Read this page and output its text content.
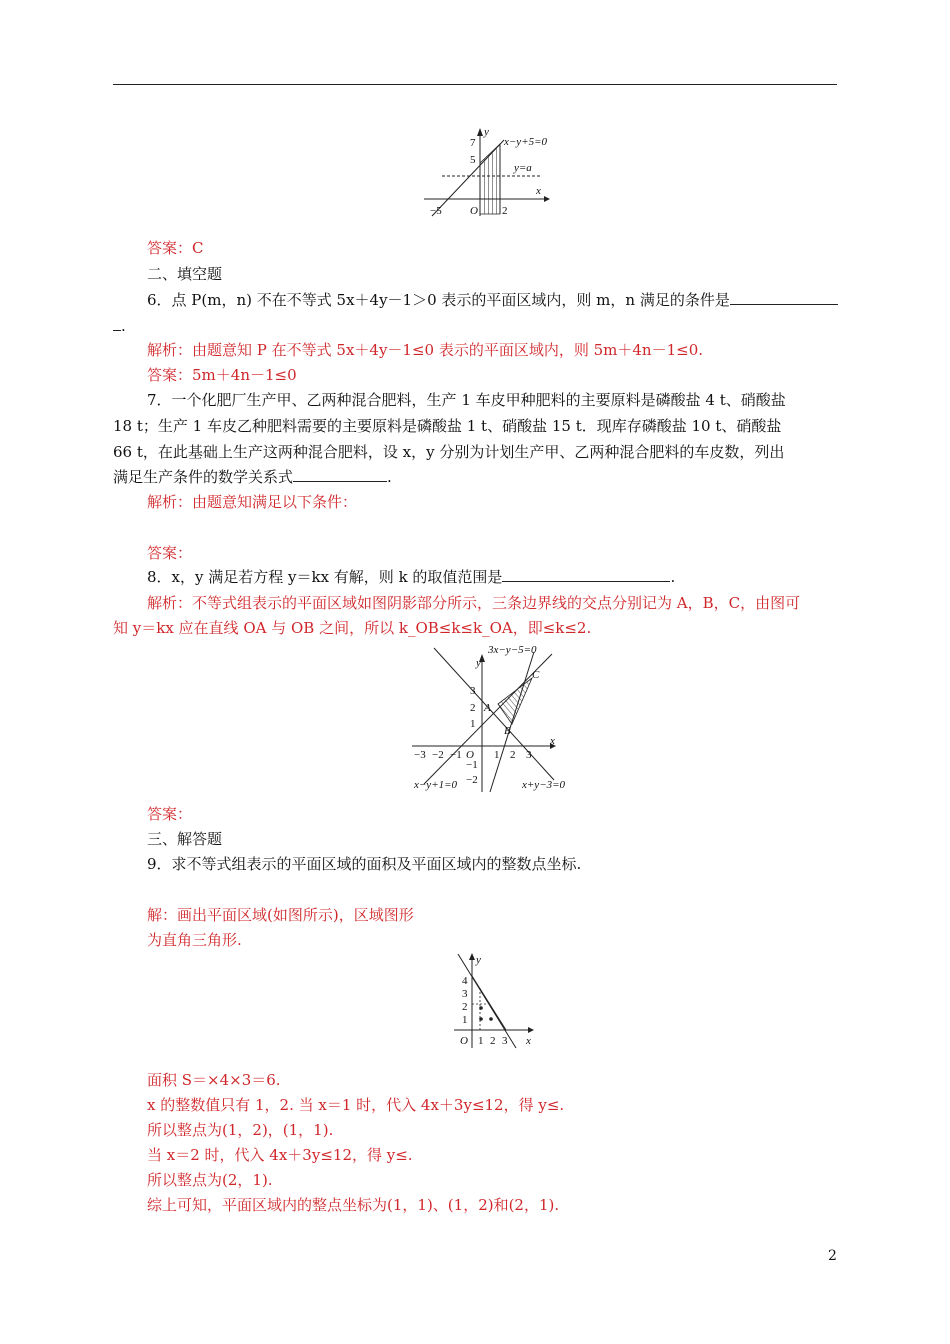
y
x
7
5
−5	O 2
x−y+5=0
y=a
答案：C
二、填空题
6．点 P(m，n) 不在不等式 5x＋4y－1＞0 表示的平面区域内，则 m，n 满足的条件是
.
解析：由题意知 P 在不等式 5x＋4y－1≤0 表示的平面区域内，则 5m＋4n－1≤0.
答案：5m＋4n－1≤0
7．一个化肥厂生产甲、乙两种混合肥料，生产 1 车皮甲种肥料的主要原料是磷酸盐 4 t、硝酸盐
18 t；生产 1 车皮乙种肥料需要的主要原料是磷酸盐 1 t、硝酸盐 15 t．现库存磷酸盐 10 t、硝酸盐
66 t，在此基础上生产这两种混合肥料，设 x，y 分别为计划生产甲、乙两种混合肥料的车皮数，列出
满足生产条件的数学关系式	.
解析：由题意知满足以下条件：
答案：
8．x，y 满足若方程 y＝kx 有解，则 k 的取值范围是	.
解析：不等式组表示的平面区域如图阴影部分所示，三条边界线的交点分别记为 A，B，C，由图可
知 y＝kx 应在直线 OA 与 OB 之间，所以 k_OB≤k≤k_OA，即≤k≤2.
y
x
3x−y−5=0
x−y+1=0	x+y−3=0
A
B
C
3
2
1
−1
−2
−3 −2 −1 O 1 2 3
答案：
三、解答题
9．求不等式组表示的平面区域的面积及平面区域内的整数点坐标.
解：画出平面区域(如图所示)，区域图形
为直角三角形.
y
x
4
3
2
1
O 1 2 3
面积 S＝×4×3＝6.
x 的整数值只有 1，2. 当 x＝1 时，代入 4x＋3y≤12，得 y≤.
所以整点为(1，2)，(1，1).
当 x＝2 时，代入 4x＋3y≤12，得 y≤.
所以整点为(2，1).
综上可知，平面区域内的整点坐标为(1，1)、(1，2)和(2，1).
2
